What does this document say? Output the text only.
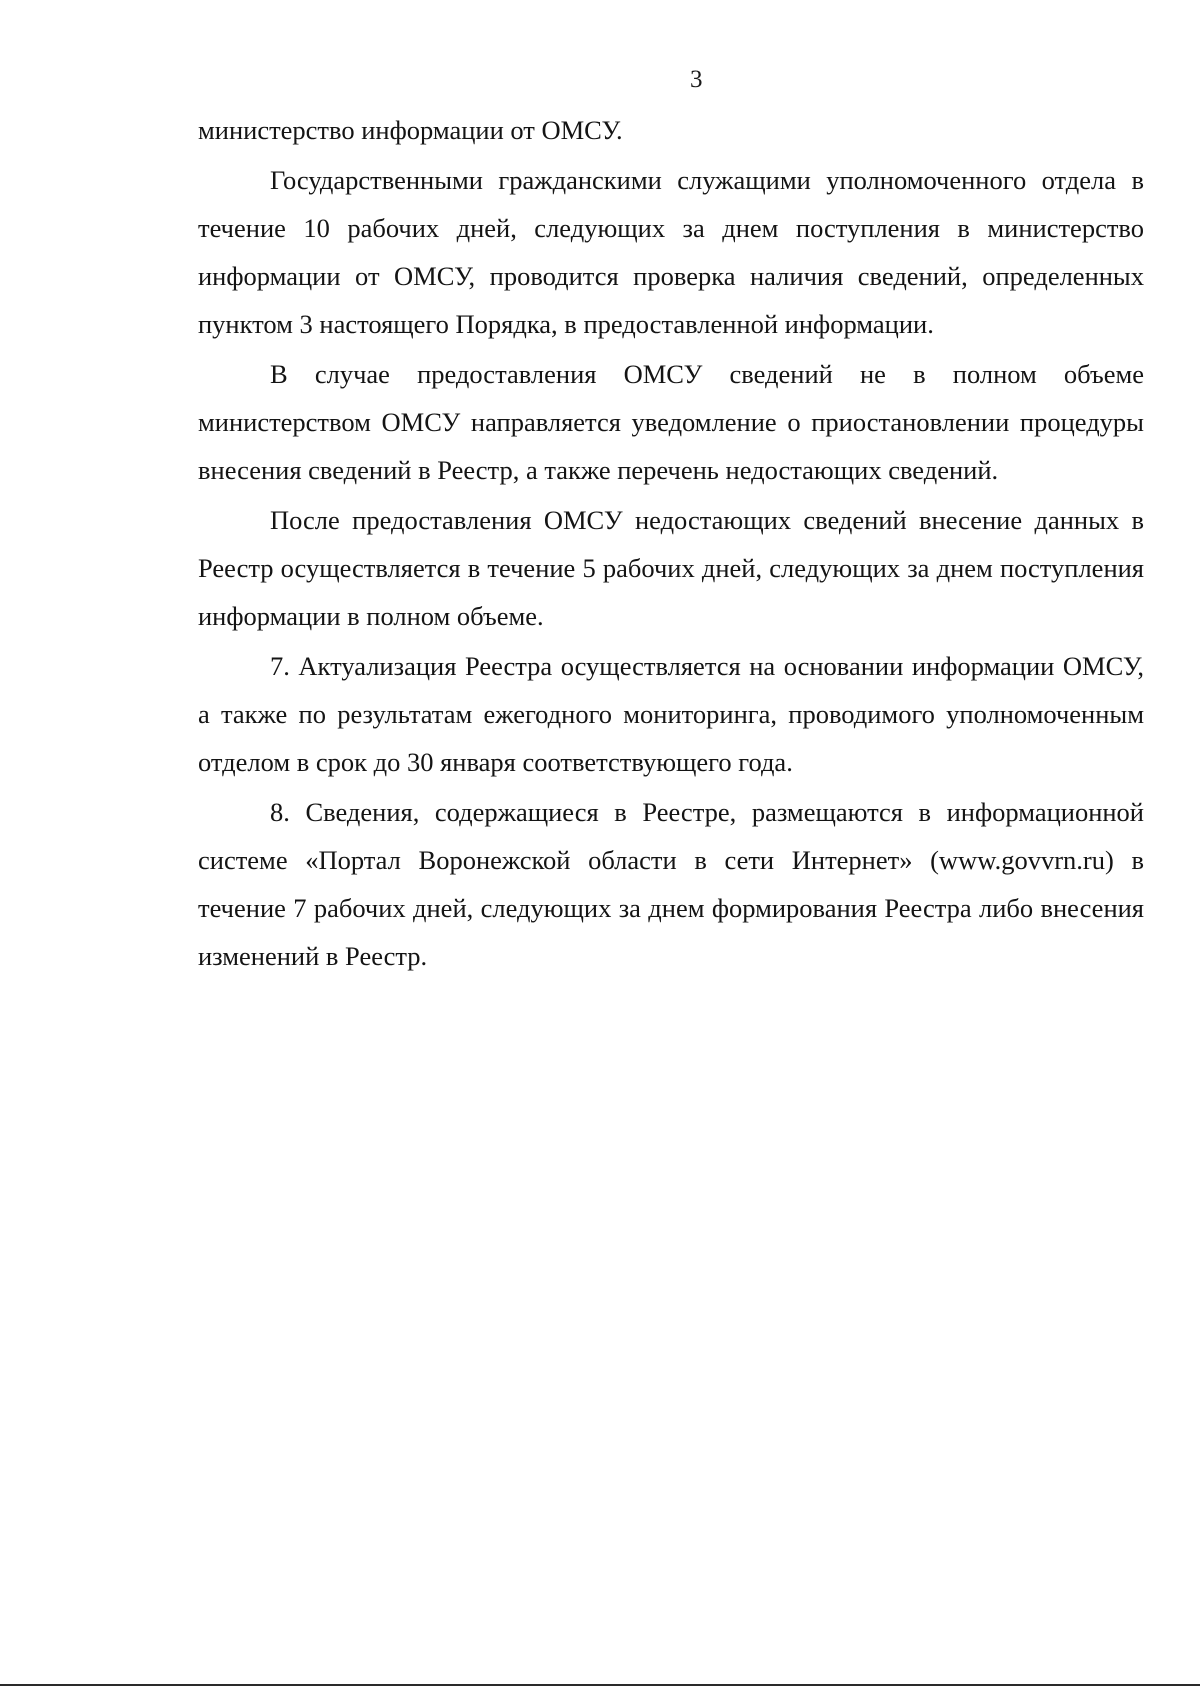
3

министерство информации от ОМСУ.

Государственными гражданскими служащими уполномоченного отдела в течение 10 рабочих дней, следующих за днем поступления в министерство информации от ОМСУ, проводится проверка наличия сведений, определенных пунктом 3 настоящего Порядка, в предоставленной информации.

В случае предоставления ОМСУ сведений не в полном объеме министерством ОМСУ направляется уведомление о приостановлении процедуры внесения сведений в Реестр, а также перечень недостающих сведений.

После предоставления ОМСУ недостающих сведений внесение данных в Реестр осуществляется в течение 5 рабочих дней, следующих за днем поступления информации в полном объеме.

7. Актуализация Реестра осуществляется на основании информации ОМСУ, а также по результатам ежегодного мониторинга, проводимого уполномоченным отделом в срок до 30 января соответствующего года.

8. Сведения, содержащиеся в Реестре, размещаются в информационной системе «Портал Воронежской области в сети Интернет» (www.govvrn.ru) в течение 7 рабочих дней, следующих за днем формирования Реестра либо внесения изменений в Реестр.
